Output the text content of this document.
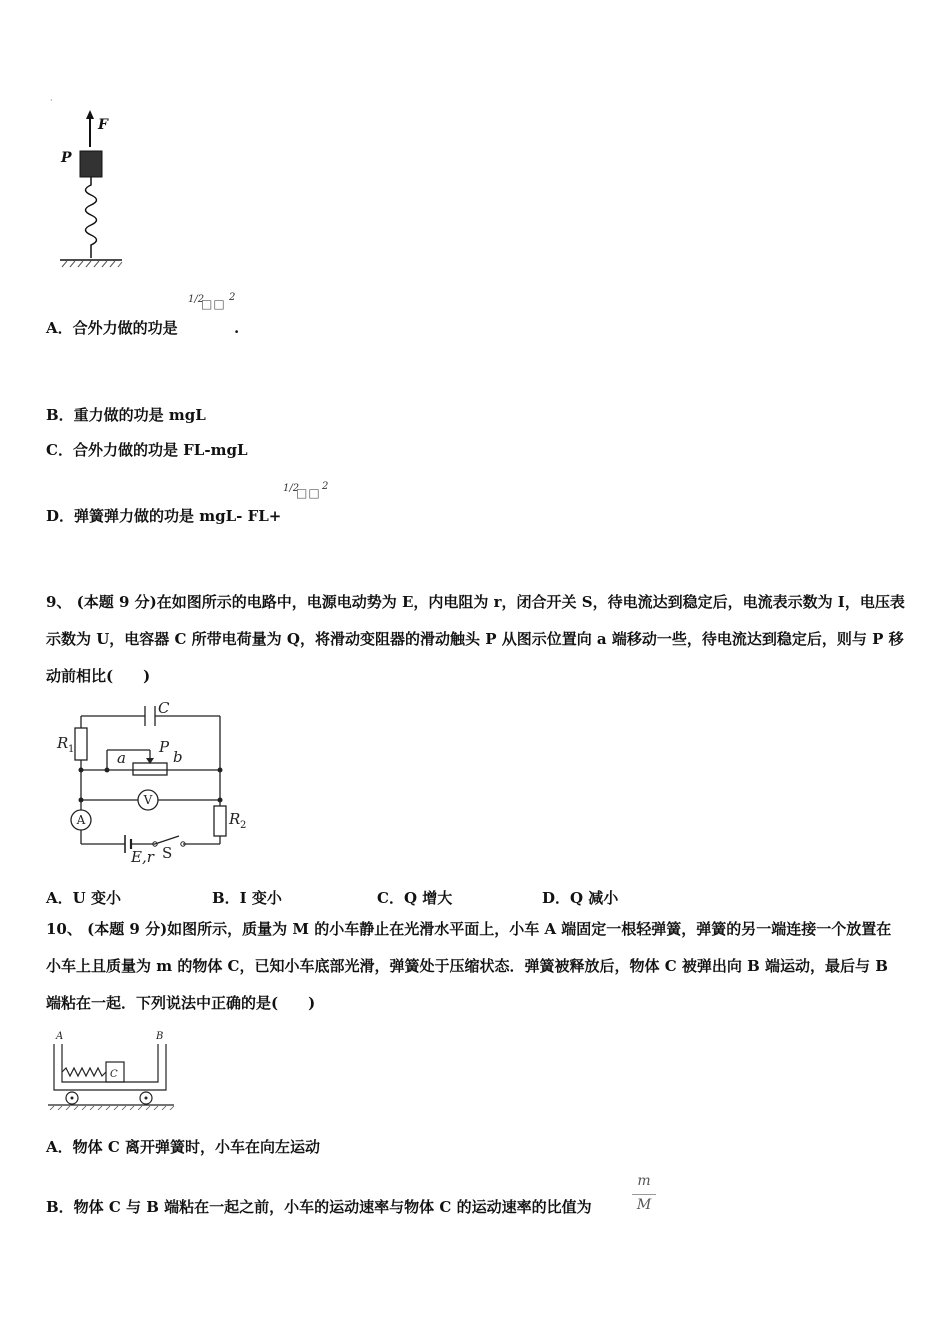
·
F
P
A．合外力做的功是
1/2
□□ 2
.
B．重力做的功是 mgL
C．合外力做的功是 FL-mgL
D．弹簧弹力做的功是 mgL- FL+
1/2
□□ 2
9、 (本题 9 分)在如图所示的电路中，电源电动势为 E，内电阻为 r，闭合开关 S，待电流达到稳定后，电流表示数为 I，电压表示数为 U，电容器 C 所带电荷量为 Q，将滑动变阻器的滑动触头 P 从图示位置向 a 端移动一些，待电流达到稳定后，则与 P 移动前相比(　　)
C
R 1	a
P
b
R 2
E,r S
V
A
A．U 变小	B．I 变小	C．Q 增大	D．Q 减小
10、 (本题 9 分)如图所示，质量为 M 的小车静止在光滑水平面上，小车 A 端固定一根轻弹簧，弹簧的另一端连接一个放置在小车上且质量为 m 的物体 C，已知小车底部光滑，弹簧处于压缩状态．弹簧被释放后，物体 C 被弹出向 B 端运动，最后与 B 端粘在一起．下列说法中正确的是(　　)
A	B
C
A．物体 C 离开弹簧时，小车在向左运动
B．物体 C 与 B 端粘在一起之前，小车的运动速率与物体 C 的运动速率的比值为
m
M
